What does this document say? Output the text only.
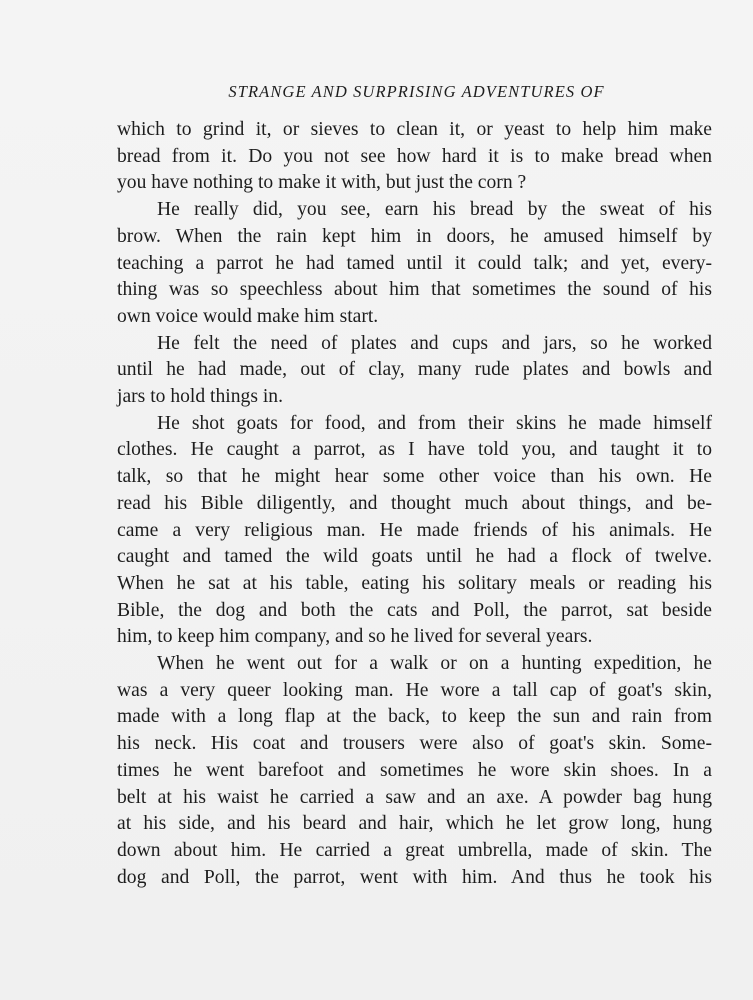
STRANGE AND SURPRISING ADVENTURES OF
which to grind it, or sieves to clean it, or yeast to help him make
bread from it. Do you not see how hard it is to make bread when
you have nothing to make it with, but just the corn ?
He really did, you see, earn his bread by the sweat of his
brow. When the rain kept him in doors, he amused himself by
teaching a parrot he had tamed until it could talk; and yet, every-
thing was so speechless about him that sometimes the sound of his
own voice would make him start.
He felt the need of plates and cups and jars, so he worked
until he had made, out of clay, many rude plates and bowls and
jars to hold things in.
He shot goats for food, and from their skins he made himself
clothes. He caught a parrot, as I have told you, and taught it to
talk, so that he might hear some other voice than his own. He
read his Bible diligently, and thought much about things, and be-
came a very religious man. He made friends of his animals. He
caught and tamed the wild goats until he had a flock of twelve.
When he sat at his table, eating his solitary meals or reading his
Bible, the dog and both the cats and Poll, the parrot, sat beside
him, to keep him company, and so he lived for several years.
When he went out for a walk or on a hunting expedition, he
was a very queer looking man. He wore a tall cap of goat's skin,
made with a long flap at the back, to keep the sun and rain from
his neck. His coat and trousers were also of goat's skin. Some-
times he went barefoot and sometimes he wore skin shoes. In a
belt at his waist he carried a saw and an axe. A powder bag hung
at his side, and his beard and hair, which he let grow long, hung
down about him. He carried a great umbrella, made of skin. The
dog and Poll, the parrot, went with him. And thus he took his
